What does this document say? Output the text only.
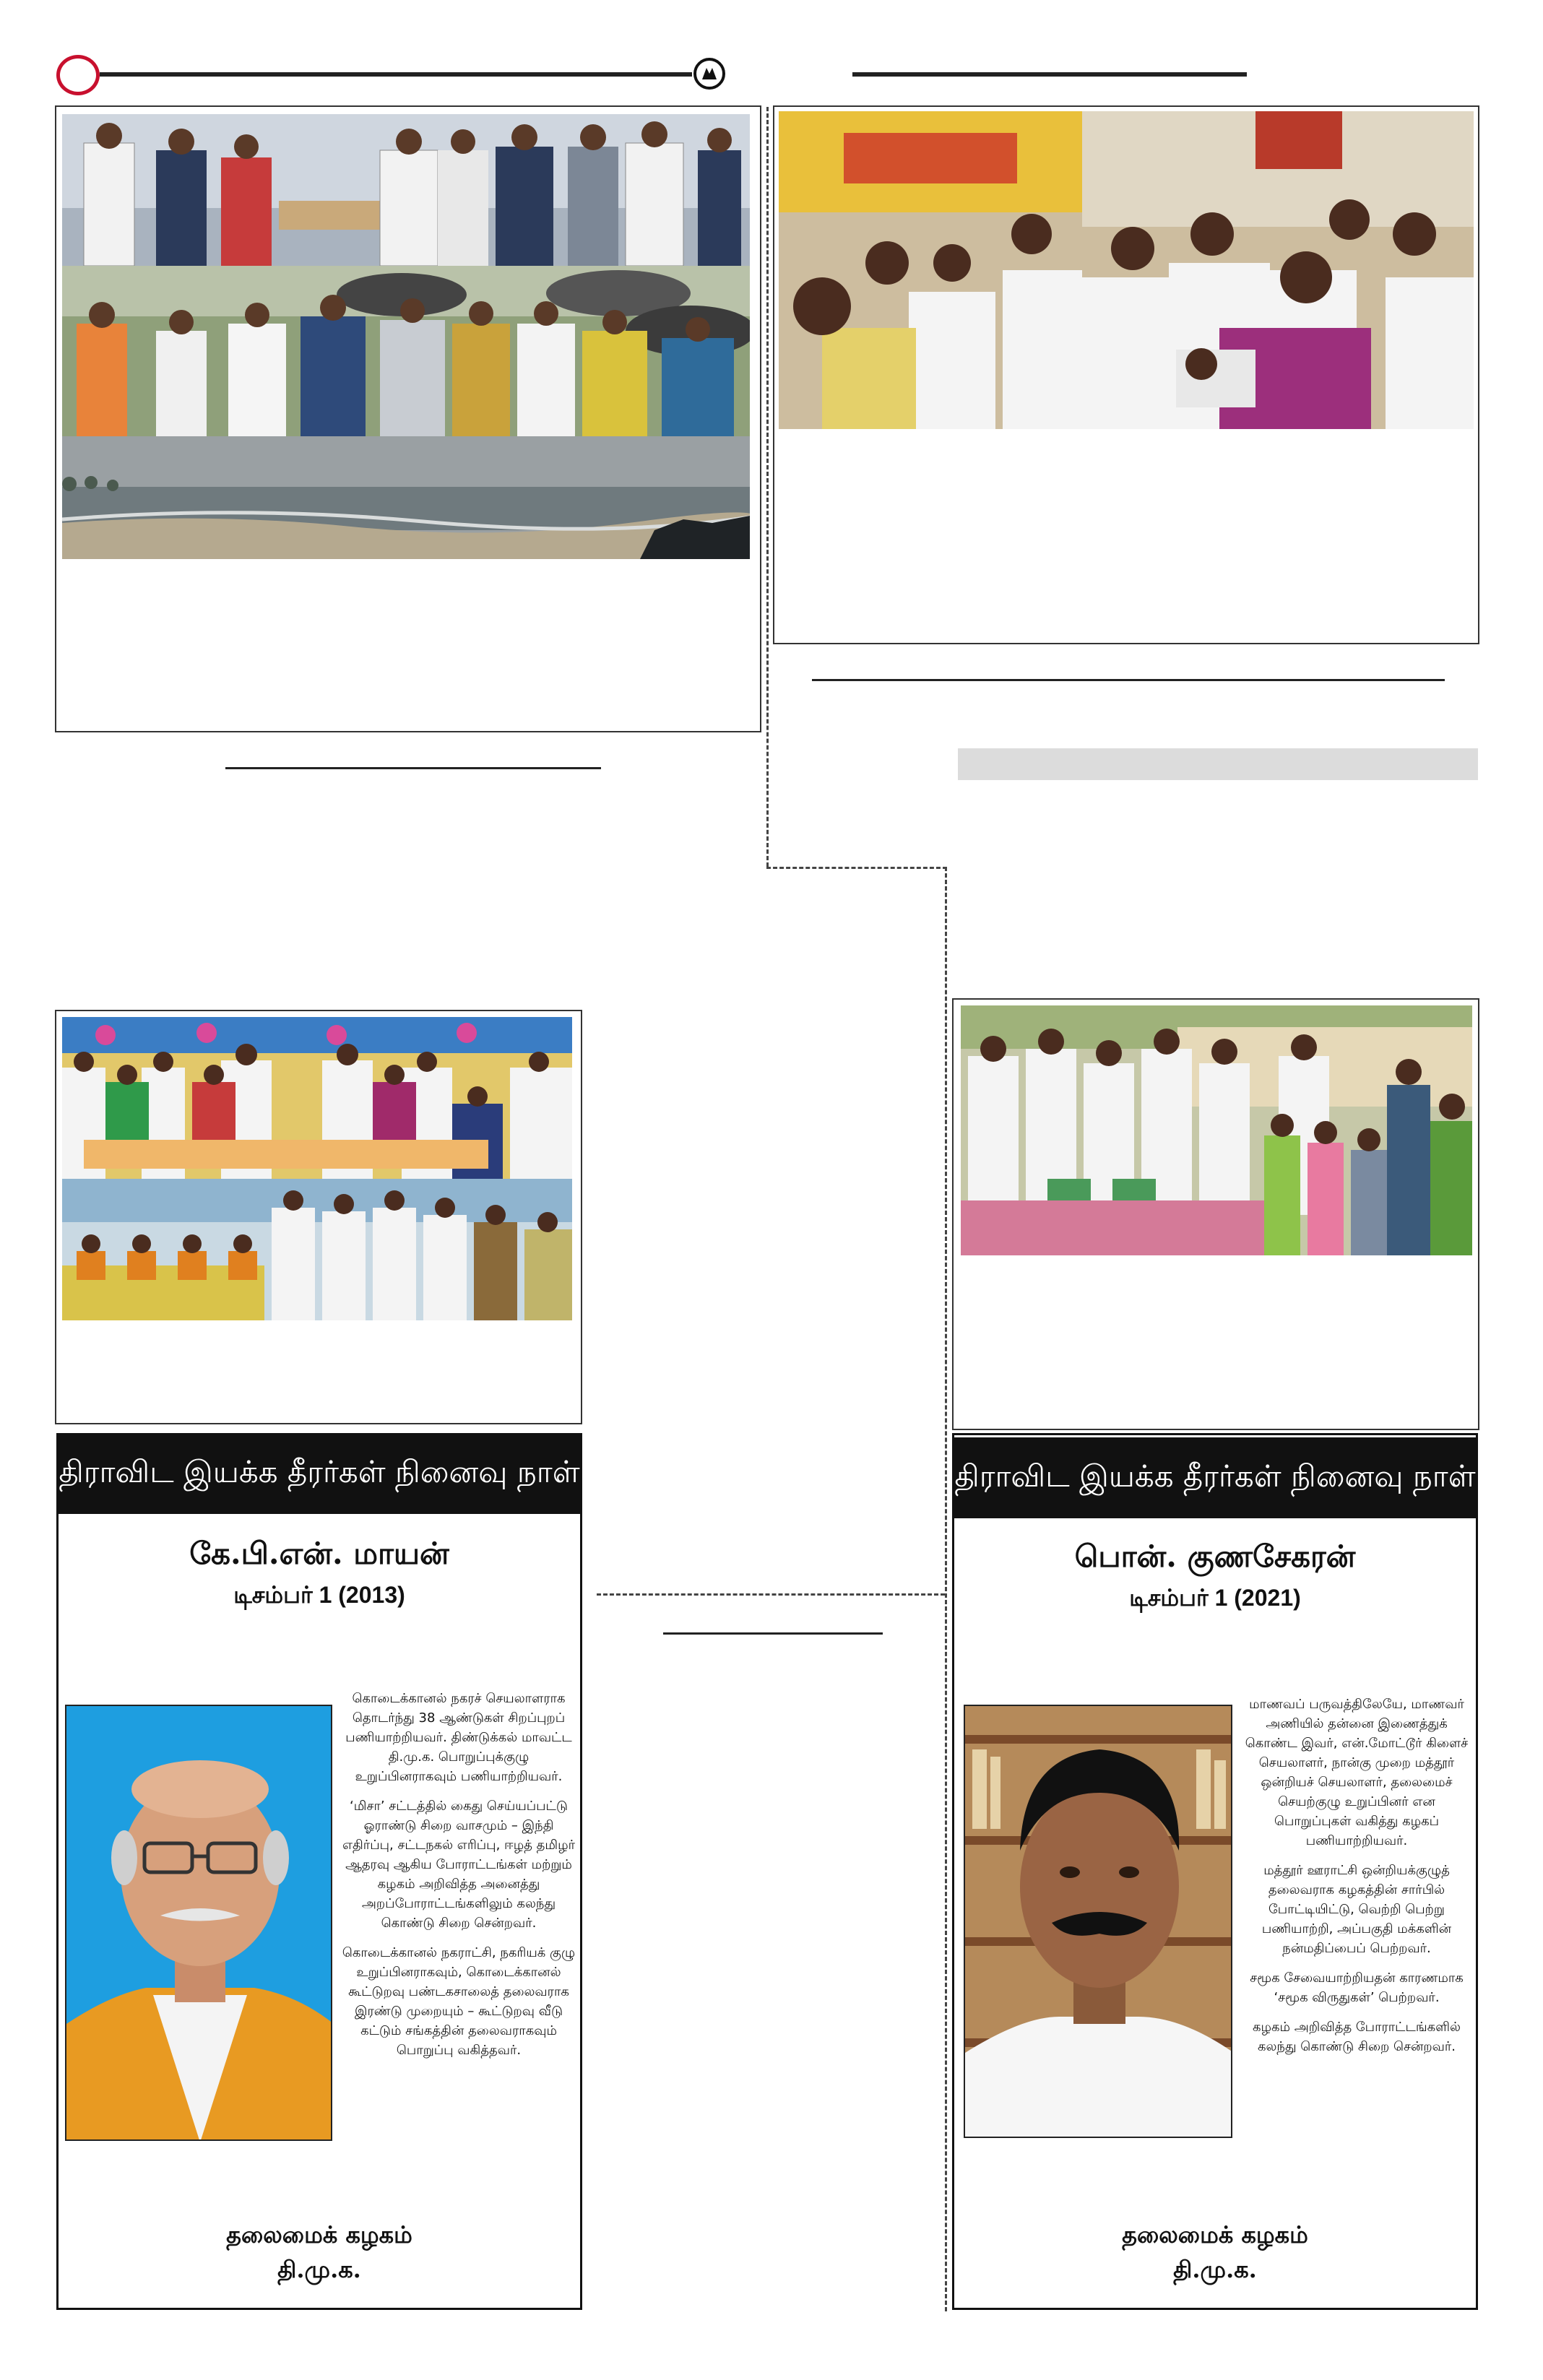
திராவிட இயக்க தீரர்கள் நினைவு நாள்
கே.பி.என். மாயன்
டிசம்பர் 1 (2013)

கொடைக்கானல் நகரச் செயலாளராக தொடர்ந்து 38 ஆண்டுகள் சிறப்புறப் பணியாற்றியவர். திண்டுக்கல் மாவட்ட தி.மு.க. பொறுப்புக்குழு உறுப்பினராகவும் பணியாற்றியவர்.

‘மிசா’ சட்டத்தில் கைது செய்யப்பட்டு ஓராண்டு சிறை வாசமும் – இந்தி எதிர்ப்பு, சட்டநகல் எரிப்பு, ஈழத் தமிழர் ஆதரவு ஆகிய போராட்டங்கள் மற்றும் கழகம் அறிவித்த அனைத்து அறப்போராட்டங்களிலும் கலந்து கொண்டு சிறை சென்றவர்.

கொடைக்கானல் நகராட்சி, நகரியக் குழு உறுப்பினராகவும், கொடைக்கானல் கூட்டுறவு பண்டகசாலைத் தலைவராக இரண்டு முறையும் – கூட்டுறவு வீடு கட்டும் சங்கத்தின் தலைவராகவும் பொறுப்பு வகித்தவர்.

தலைமைக் கழகம்
தி.மு.க.
திராவிட இயக்க தீரர்கள் நினைவு நாள்
பொன். குணசேகரன்
டிசம்பர் 1 (2021)

மாணவப் பருவத்திலேயே, மாணவர் அணியில் தன்னை இணைத்துக் கொண்ட இவர், என்.மோட்டூர் கிளைச் செயலாளர், நான்கு முறை மத்தூர் ஒன்றியச் செயலாளர், தலைமைச் செயற்குழு உறுப்பினர் என பொறுப்புகள் வகித்து கழகப் பணியாற்றியவர்.

மத்தூர் ஊராட்சி ஒன்றியக்குழுத் தலைவராக கழகத்தின் சார்பில் போட்டியிட்டு, வெற்றி பெற்று பணியாற்றி, அப்பகுதி மக்களின் நன்மதிப்பைப் பெற்றவர்.

சமூக சேவையாற்றியதன் காரணமாக ‘சமூக விருதுகள்’ பெற்றவர்.

கழகம் அறிவித்த போராட்டங்களில் கலந்து கொண்டு சிறை சென்றவர்.

தலைமைக் கழகம்
தி.மு.க.
